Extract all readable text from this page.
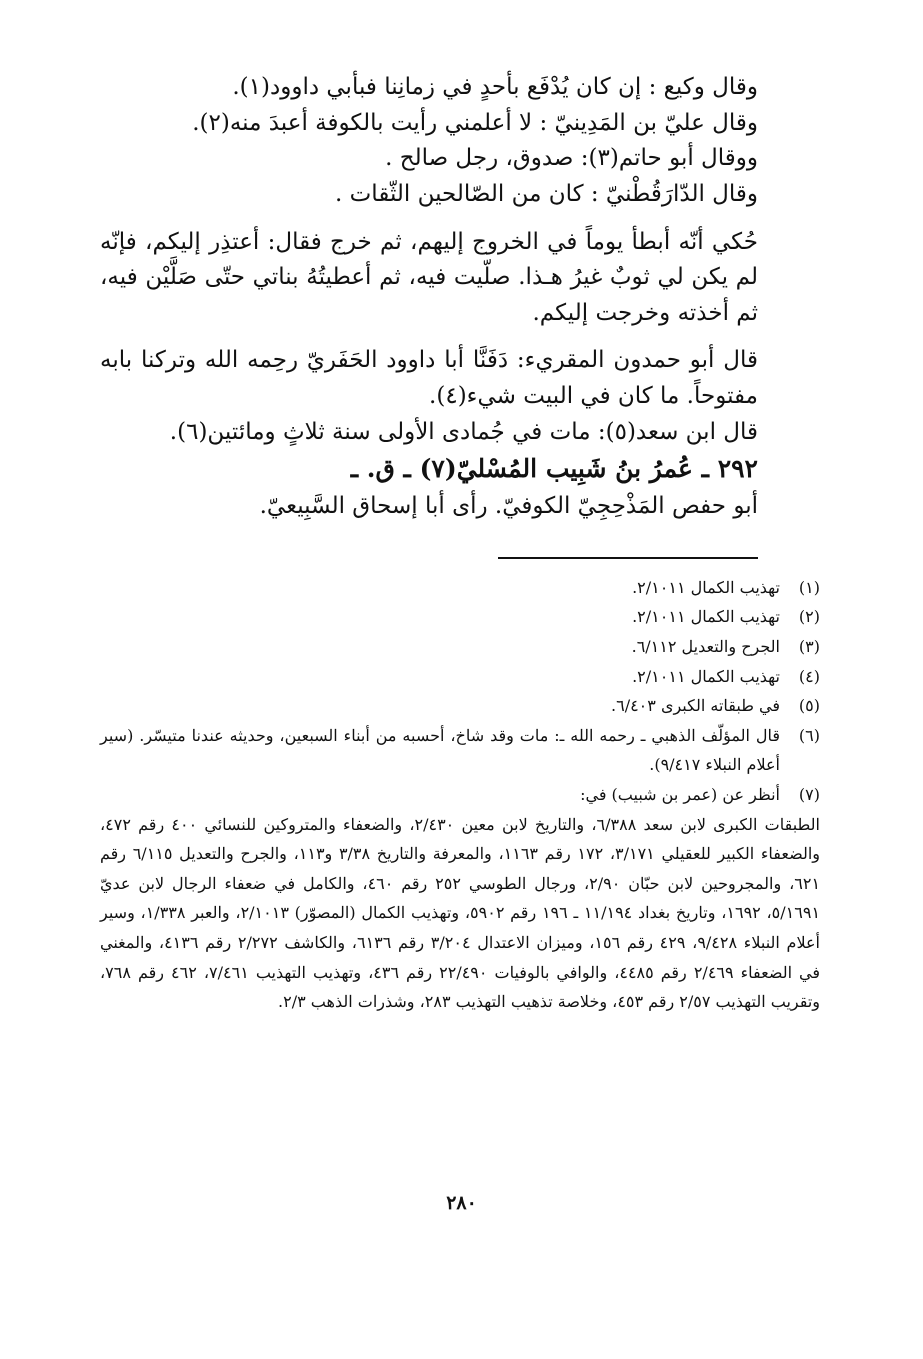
وقال وكيع : إن كان يُدْفَع بأحدٍ في زمانِنا فبأبي داوود(١).

وقال عليّ بن المَدِينيّ : لا أعلمني رأيت بالكوفة أعبدَ منه(٢).

ووقال أبو حاتم(٣): صدوق، رجل صالح .

وقال الدّارَقُطْنيّ : كان من الصّالحين الثّقات .

حُكي أنّه أبطأ يوماً في الخروج إليهم، ثم خرج فقال: أعتذِر إليكم، فإنّه لم يكن لي ثوبٌ غيرُ هـذا. صلّيت فيه، ثم أعطيتُهُ بناتي حتّى صَلَّيْن فيه، ثم أخذته وخرجت إليكم.

قال أبو حمدون المقريء: دَفَنَّا أبا داوود الحَفَريّ رحِمه الله وتركنا بابه مفتوحاً. ما كان في البيت شيء(٤).

قال ابن سعد(٥): مات في جُمادى الأولى سنة ثلاثٍ ومائتين(٦).

٢٩٢ ـ عُمرُ بنُ شَبِيب المُسْليّ(٧) ـ ق. ـ

أبو حفص المَذْحِجِيّ الكوفيّ. رأى أبا إسحاق السَّبِيعيّ.

(١)
تهذيب الكمال ٢/١٠١١.
(٢)
تهذيب الكمال ٢/١٠١١.
(٣)
الجرح والتعديل ٦/١١٢.
(٤)
تهذيب الكمال ٢/١٠١١.
(٥)
في طبقاته الكبرى ٦/٤٠٣.
(٦)
قال المؤلّف الذهبي ـ رحمه الله ـ: مات وقد شاخ، أحسبه من أبناء السبعين، وحديثه عندنا متيسّر. (سير أعلام النبلاء ٩/٤١٧).
(٧)
أنظر عن (عمر بن شبيب) في:
الطبقات الكبرى لابن سعد ٦/٣٨٨، والتاريخ لابن معين ٢/٤٣٠، والضعفاء والمتروكين للنسائي ٤٠٠ رقم ٤٧٢، والضعفاء الكبير للعقيلي ٣/١٧١، ١٧٢ رقم ١١٦٣، والمعرفة والتاريخ ٣/٣٨ و١١٣، والجرح والتعديل ٦/١١٥ رقم ٦٢١، والمجروحين لابن حبّان ٢/٩٠، ورجال الطوسي ٢٥٢ رقم ٤٦٠، والكامل في ضعفاء الرجال لابن عديّ ٥/١٦٩١، ١٦٩٢، وتاريخ بغداد ١١/١٩٤ ـ ١٩٦ رقم ٥٩٠٢، وتهذيب الكمال (المصوّر) ٢/١٠١٣، والعبر ١/٣٣٨، وسير أعلام النبلاء ٩/٤٢٨، ٤٢٩ رقم ١٥٦، وميزان الاعتدال ٣/٢٠٤ رقم ٦١٣٦، والكاشف ٢/٢٧٢ رقم ٤١٣٦، والمغني في الضعفاء ٢/٤٦٩ رقم ٤٤٨٥، والوافي بالوفيات ٢٢/٤٩٠ رقم ٤٣٦، وتهذيب التهذيب ٧/٤٦١، ٤٦٢ رقم ٧٦٨، وتقريب التهذيب ٢/٥٧ رقم ٤٥٣، وخلاصة تذهيب التهذيب ٢٨٣، وشذرات الذهب ٢/٣.
٢٨٠
